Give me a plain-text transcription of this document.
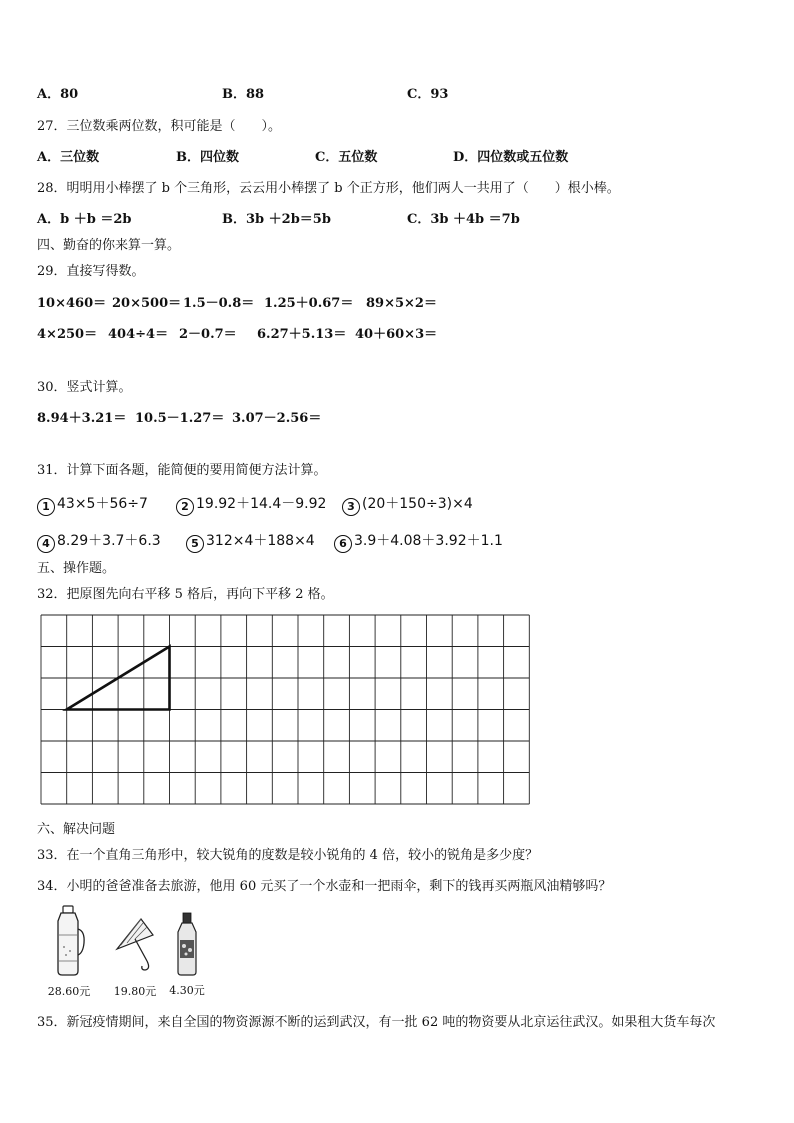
A．80	B．88	C．93
27．三位数乘两位数，积可能是（　　）。
A．三位数	B．四位数	C．五位数	D．四位数或五位数
28．明明用小棒摆了 b 个三角形，云云用小棒摆了 b 个正方形，他们两人一共用了（　　）根小棒。
A．b ＋b ＝2b	B．3b ＋2b＝5b	C．3b ＋4b ＝7b
四、勤奋的你来算一算。
29．直接写得数。
10×460＝ 20×500＝ 1.5－0.8＝ 1.25＋0.67＝ 89×5×2＝
4×250＝ 404÷4＝ 2－0.7＝ 6.27＋5.13＝ 40＋60×3＝
30．竖式计算。
8.94＋3.21＝ 10.5－1.27＝ 3.07－2.56＝
31．计算下面各题，能简便的要用简便方法计算。
1 43×5＋56÷7	2 19.92＋14.4－9.92	3 (20＋150÷3)×4
4 8.29＋3.7＋6.3	5 312×4＋188×4	6 3.9＋4.08＋3.92＋1.1
五、操作题。
32．把原图先向右平移 5 格后，再向下平移 2 格。
六、解决问题
33．在一个直角三角形中，较大锐角的度数是较小锐角的 4 倍，较小的锐角是多少度？
34．小明的爸爸准备去旅游，他用 60 元买了一个水壶和一把雨伞，剩下的钱再买两瓶风油精够吗？
28.60元	19.80元	4.30元
35．新冠疫情期间，来自全国的物资源源不断的运到武汉，有一批 62 吨的物资要从北京运往武汉。如果租大货车每次
